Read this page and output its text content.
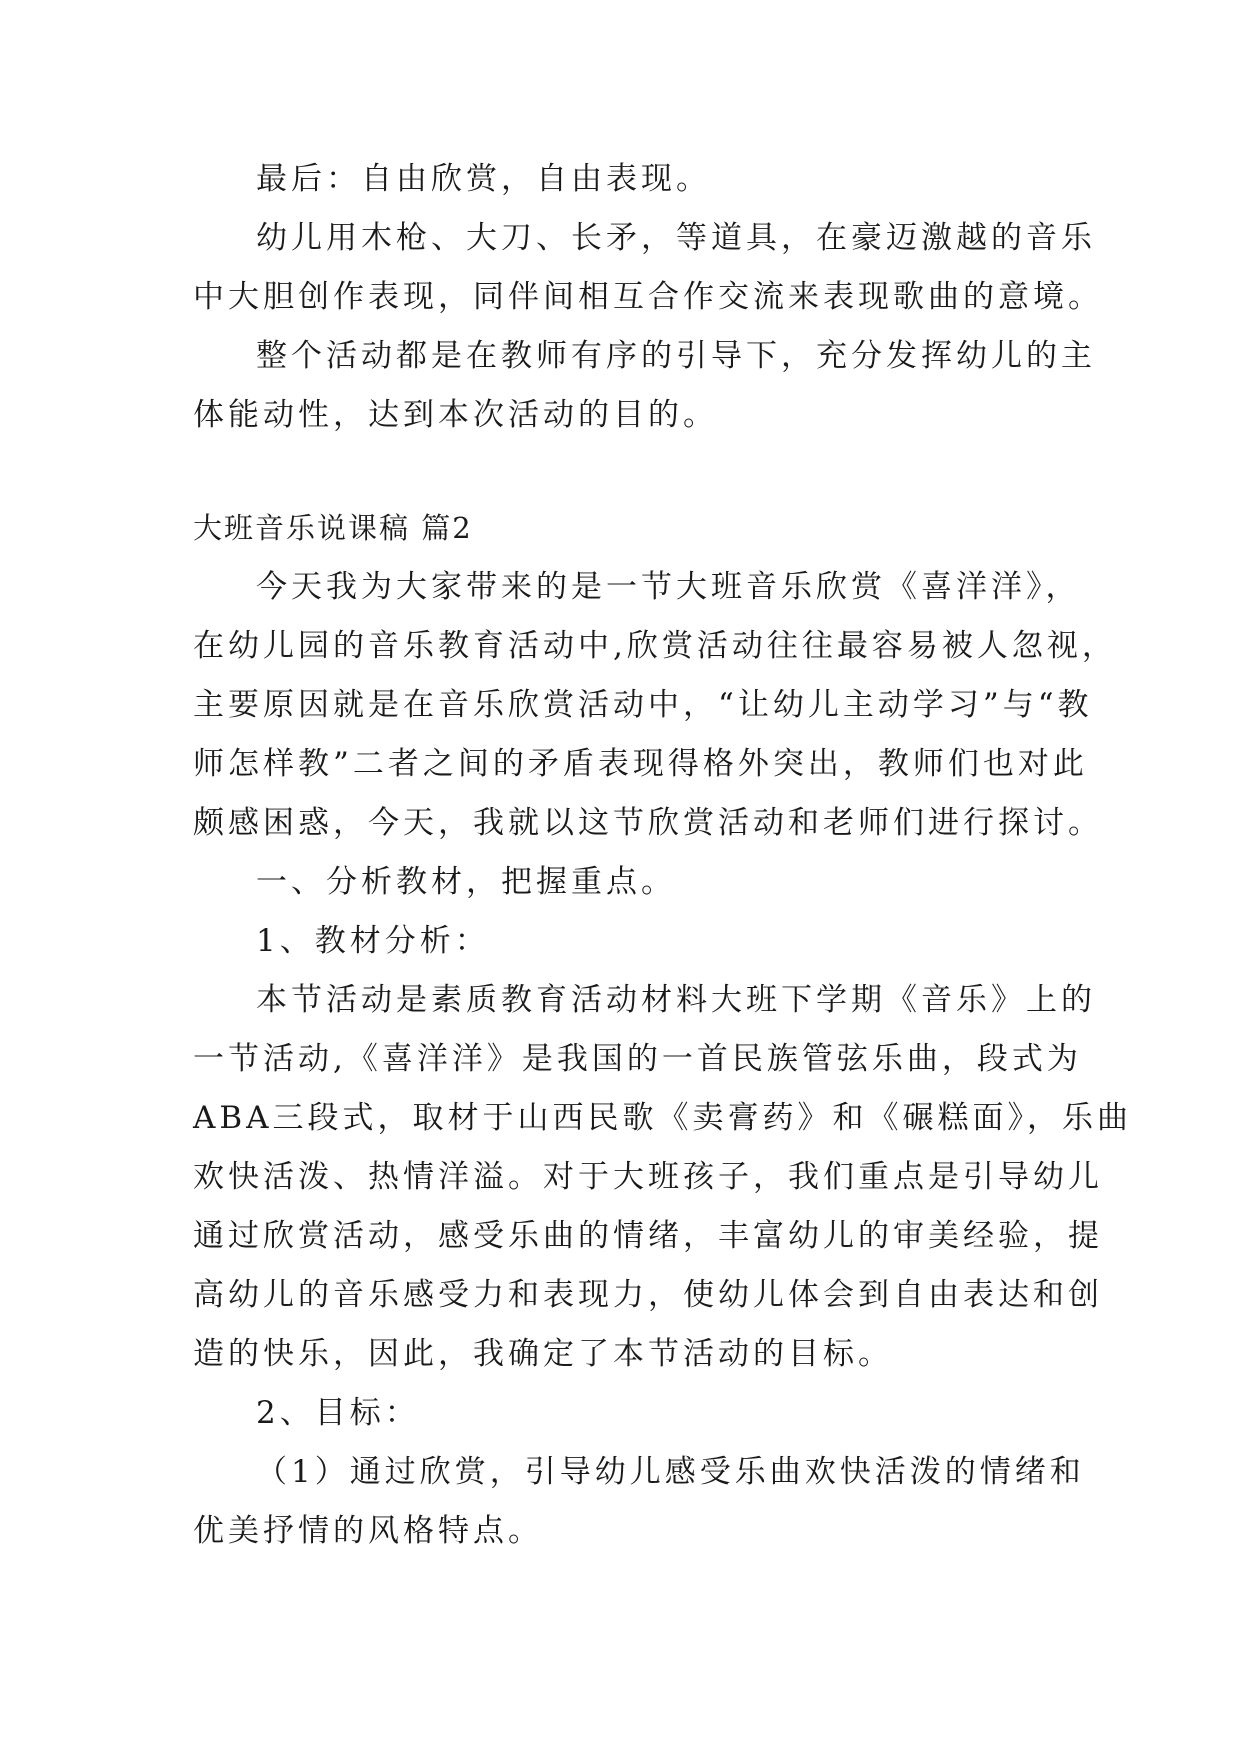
最后：自由欣赏，自由表现。

幼儿用木枪、大刀、长矛，等道具，在豪迈激越的音乐

中大胆创作表现，同伴间相互合作交流来表现歌曲的意境。

整个活动都是在教师有序的引导下，充分发挥幼儿的主

体能动性，达到本次活动的目的。

大班音乐说课稿 篇2

今天我为大家带来的是一节大班音乐欣赏《喜洋洋》，

在幼儿园的音乐教育活动中,欣赏活动往往最容易被人忽视，

主要原因就是在音乐欣赏活动中，“让幼儿主动学习”与“教

师怎样教”二者之间的矛盾表现得格外突出，教师们也对此

颇感困惑，今天，我就以这节欣赏活动和老师们进行探讨。

一、分析教材，把握重点。

1、教材分析：

本节活动是素质教育活动材料大班下学期《音乐》上的

一节活动,《喜洋洋》是我国的一首民族管弦乐曲，段式为

ABA三段式，取材于山西民歌《卖膏药》和《碾糕面》，乐曲

欢快活泼、热情洋溢。对于大班孩子，我们重点是引导幼儿

通过欣赏活动，感受乐曲的情绪，丰富幼儿的审美经验，提

高幼儿的音乐感受力和表现力，使幼儿体会到自由表达和创

造的快乐，因此，我确定了本节活动的目标。

2、目标：

（1）通过欣赏，引导幼儿感受乐曲欢快活泼的情绪和

优美抒情的风格特点。
